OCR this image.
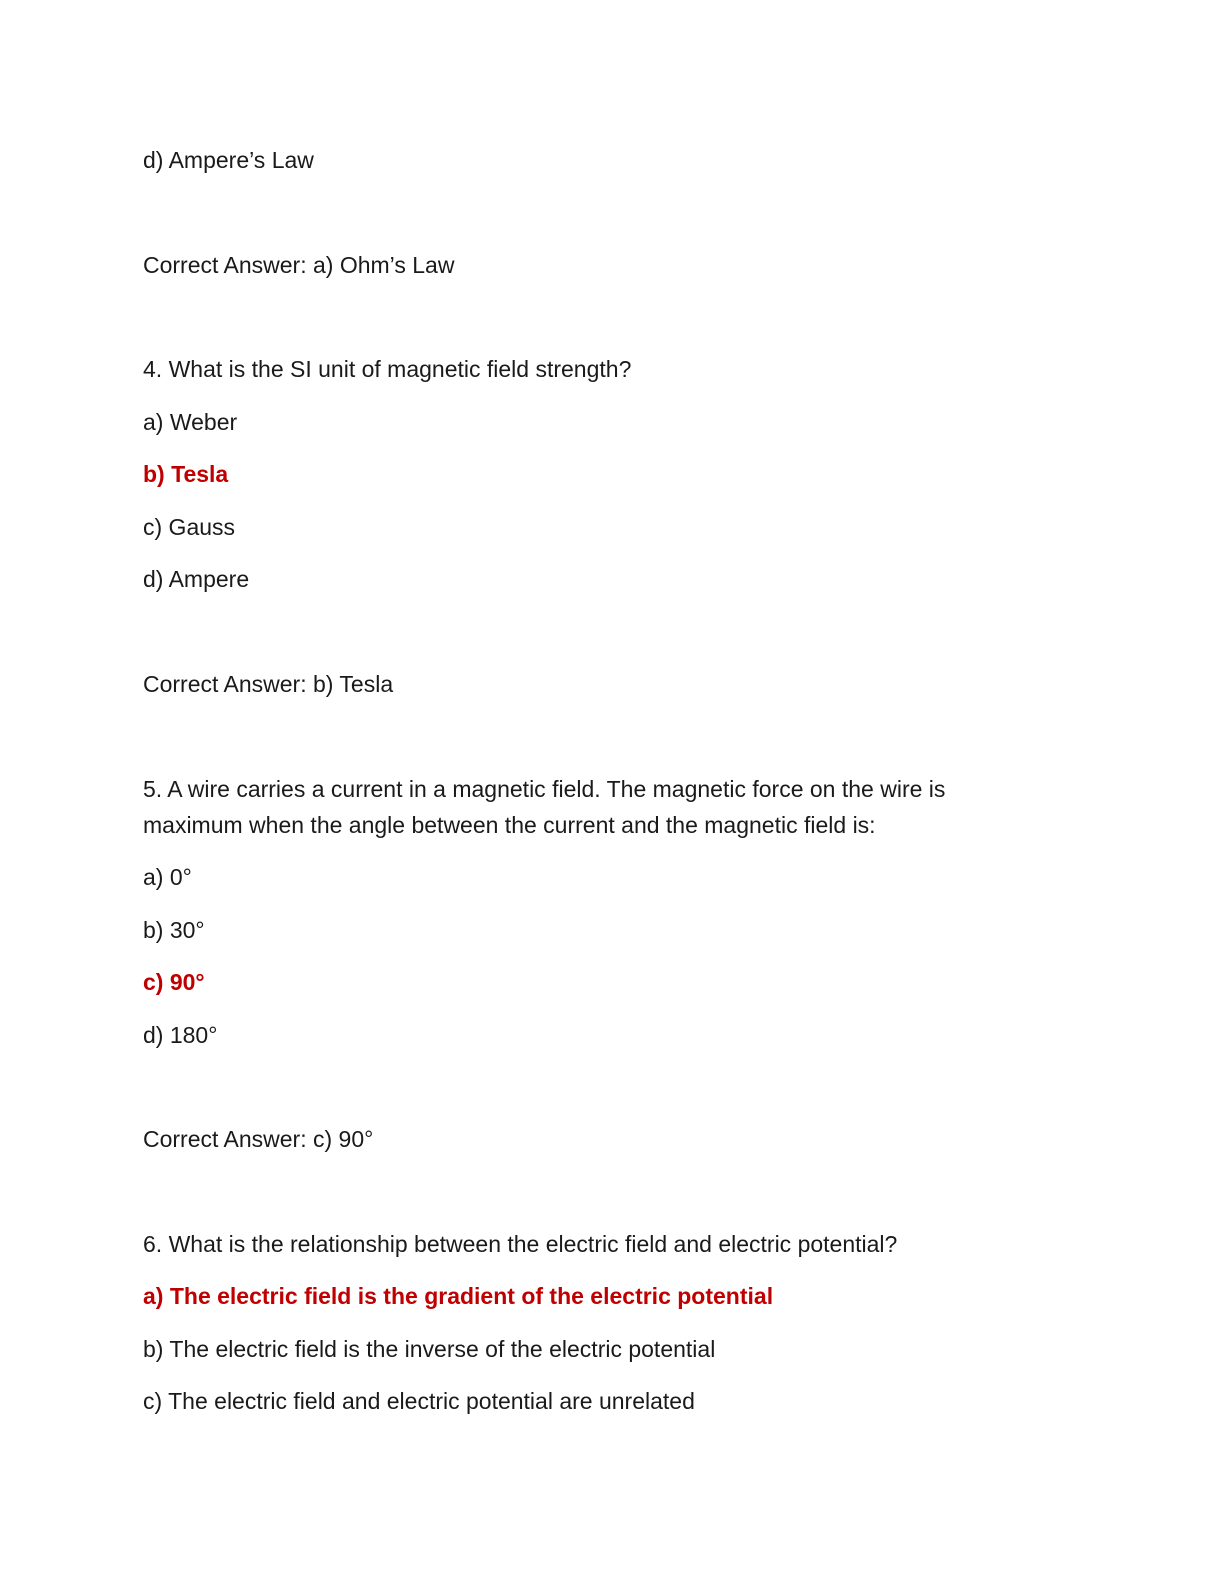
d) Ampere’s Law
Correct Answer: a) Ohm’s Law
4. What is the SI unit of magnetic field strength?
a) Weber
b) Tesla
c) Gauss
d) Ampere
Correct Answer: b) Tesla
5. A wire carries a current in a magnetic field. The magnetic force on the wire is
maximum when the angle between the current and the magnetic field is:
a) 0°
b) 30°
c) 90°
d) 180°
Correct Answer: c) 90°
6. What is the relationship between the electric field and electric potential?
a) The electric field is the gradient of the electric potential
b) The electric field is the inverse of the electric potential
c) The electric field and electric potential are unrelated
